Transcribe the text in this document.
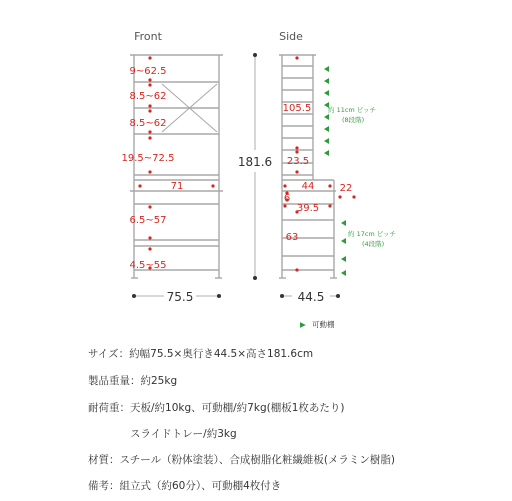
Front
9~62.5
8.5~62
8.5~62
19.5~72.5
71
6.5~57
4.5~55
75.5
181.6
Side
105.5
23.5
44	22
6
39.5
63
約 11cm ピッチ
(8段階)
約 17cm ピッチ
(4段階)
44.5
▶ 可動棚
サイズ：約幅75.5×奥行き44.5×高さ181.6cm
製品重量：約25kg
耐荷重：天板/約10kg、可動棚/約7kg(棚板1枚あたり)
スライドトレー/約3kg
材質：スチール（粉体塗装）、合成樹脂化粧繊維板(メラミン樹脂)
備考：組立式（約60分）、可動棚4枚付き
